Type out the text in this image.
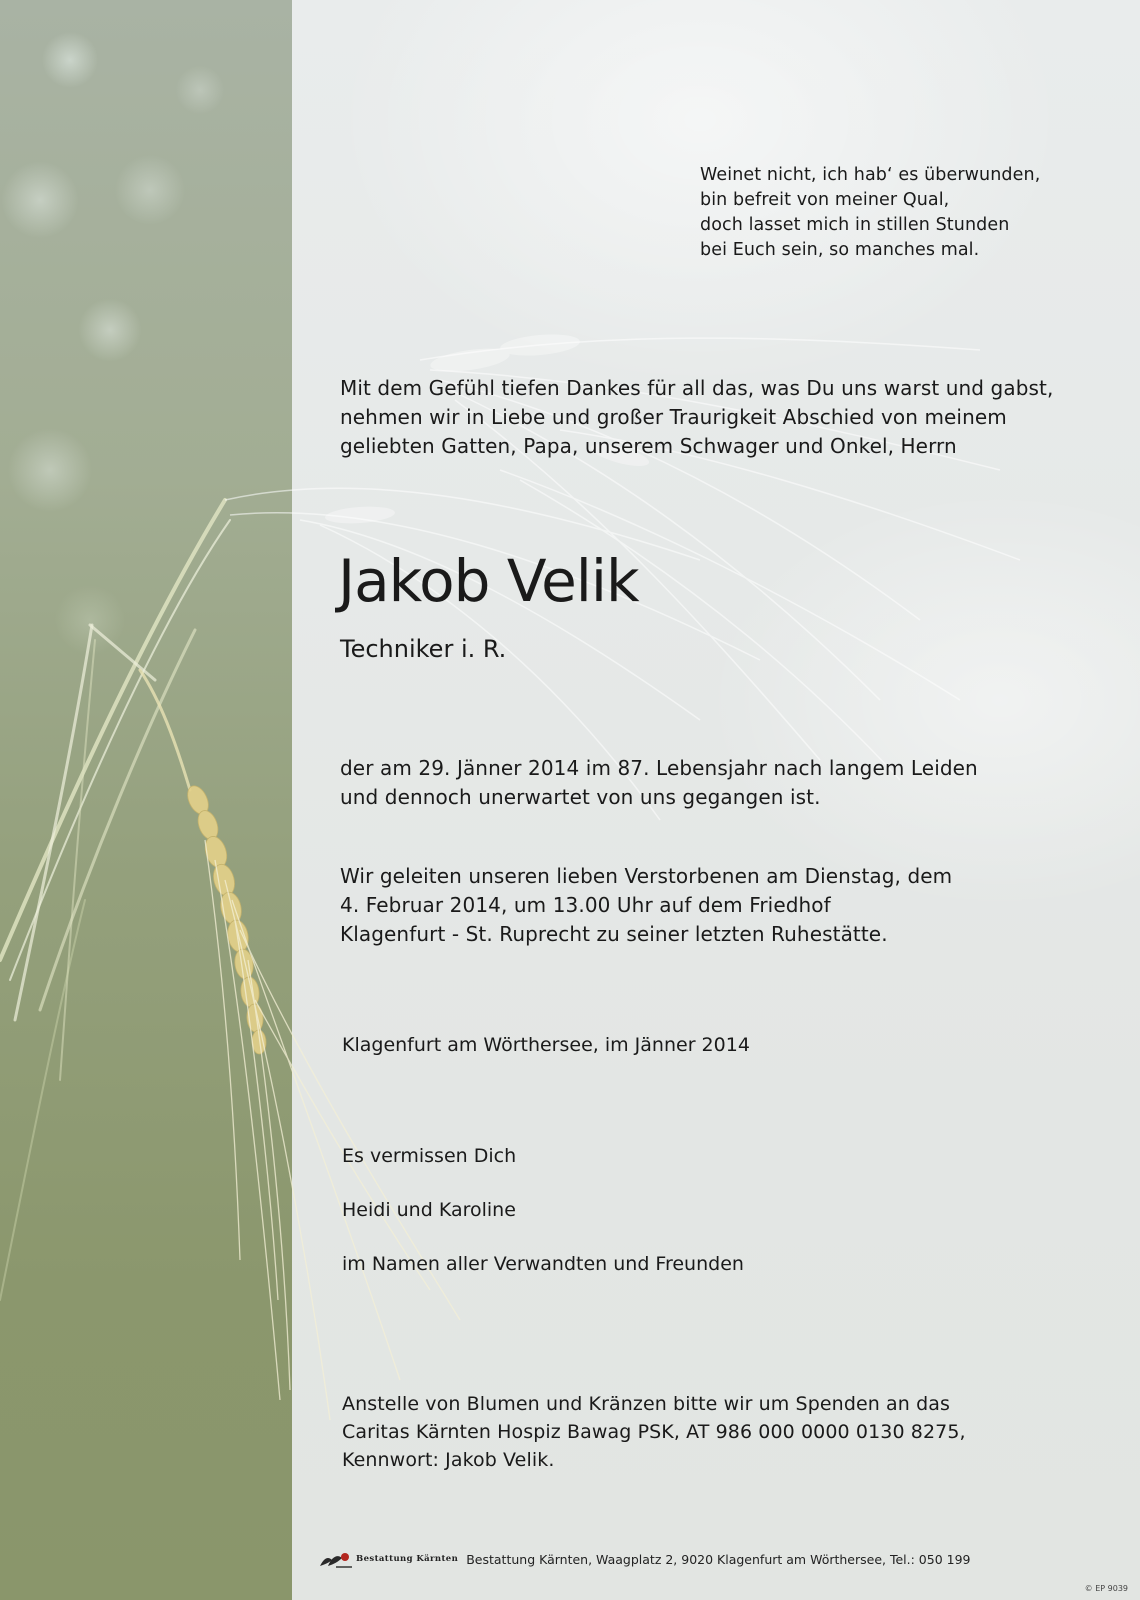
Weinet nicht, ich hab‘ es überwunden,
bin befreit von meiner Qual,
doch lasset mich in stillen Stunden
bei Euch sein, so manches mal.
Mit dem Gefühl tiefen Dankes für all das, was Du uns warst und gabst,
nehmen wir in Liebe und großer Traurigkeit Abschied von meinem
geliebten Gatten, Papa, unserem Schwager und Onkel, Herrn
Jakob Velik
Techniker i. R.
der am 29. Jänner 2014 im 87. Lebensjahr nach langem Leiden
und dennoch unerwartet von uns gegangen ist.
Wir geleiten unseren lieben Verstorbenen am Dienstag, dem
4. Februar 2014, um 13.00 Uhr auf dem Friedhof
Klagenfurt - St. Ruprecht zu seiner letzten Ruhestätte.
Klagenfurt am Wörthersee, im Jänner 2014
Es vermissen Dich
Heidi und Karoline
im Namen aller Verwandten und Freunden
Anstelle von Blumen und Kränzen bitte wir um Spenden an das
Caritas Kärnten Hospiz Bawag PSK, AT 986 000 0000 0130 8275,
Kennwort: Jakob Velik.
Bestattung Kärnten Bestattung Kärnten, Waagplatz 2, 9020 Klagenfurt am Wörthersee, Tel.: 050 199
© EP 9039
